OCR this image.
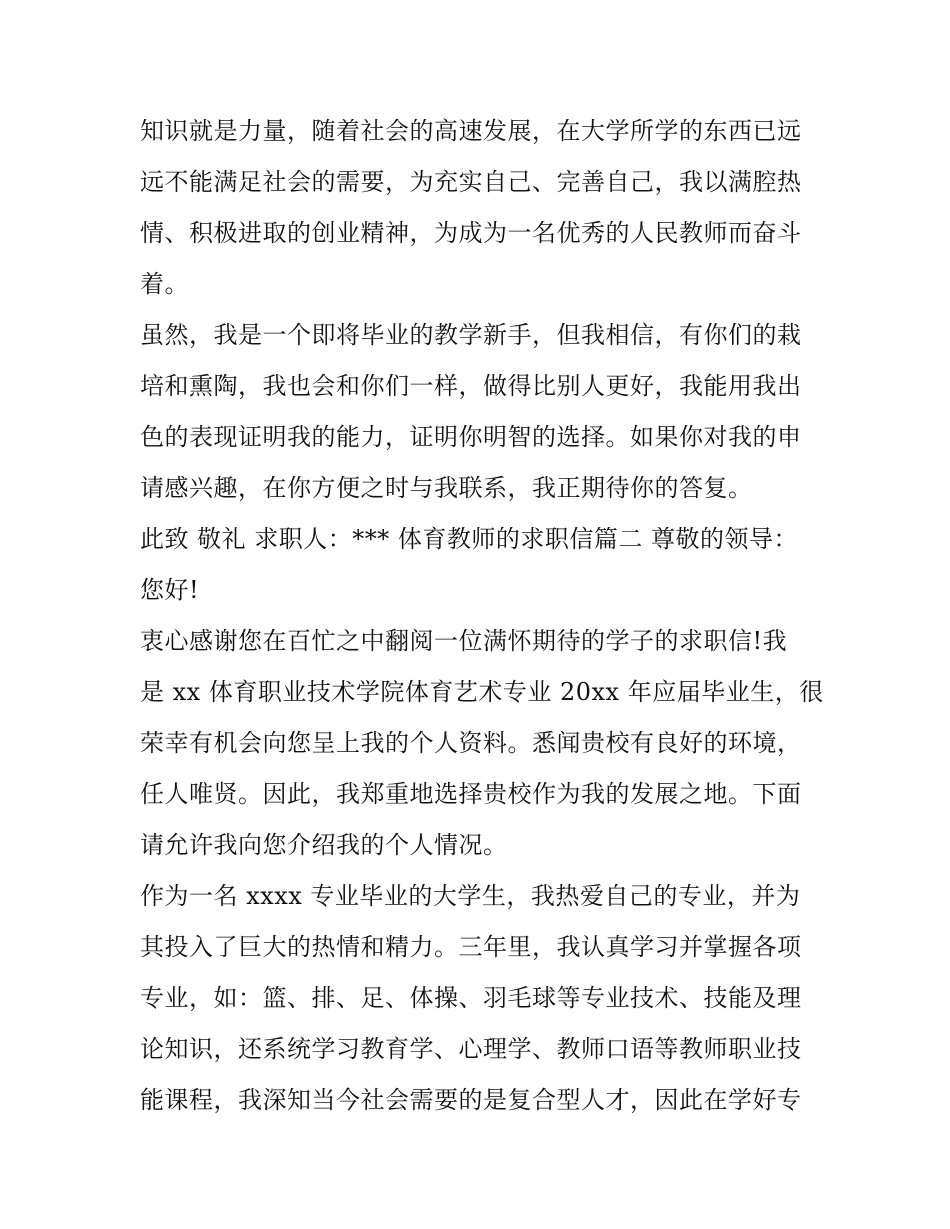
知识就是力量，随着社会的高速发展，在大学所学的东西已远
远不能满足社会的需要，为充实自己、完善自己，我以满腔热
情、积极进取的创业精神，为成为一名优秀的人民教师而奋斗
着。
虽然，我是一个即将毕业的教学新手，但我相信，有你们的栽
培和熏陶，我也会和你们一样，做得比别人更好，我能用我出
色的表现证明我的能力，证明你明智的选择。如果你对我的申
请感兴趣，在你方便之时与我联系，我正期待你的答复。
此致 敬礼 求职人：*** 体育教师的求职信篇二 尊敬的领导：
您好!
衷心感谢您在百忙之中翻阅一位满怀期待的学子的求职信!我
是 xx 体育职业技术学院体育艺术专业 20xx 年应届毕业生，很
荣幸有机会向您呈上我的个人资料。悉闻贵校有良好的环境，
任人唯贤。因此，我郑重地选择贵校作为我的发展之地。下面
请允许我向您介绍我的个人情况。
作为一名 xxxx 专业毕业的大学生，我热爱自己的专业，并为
其投入了巨大的热情和精力。三年里，我认真学习并掌握各项
专业，如：篮、排、足、体操、羽毛球等专业技术、技能及理
论知识，还系统学习教育学、心理学、教师口语等教师职业技
能课程，我深知当今社会需要的是复合型人才，因此在学好专
